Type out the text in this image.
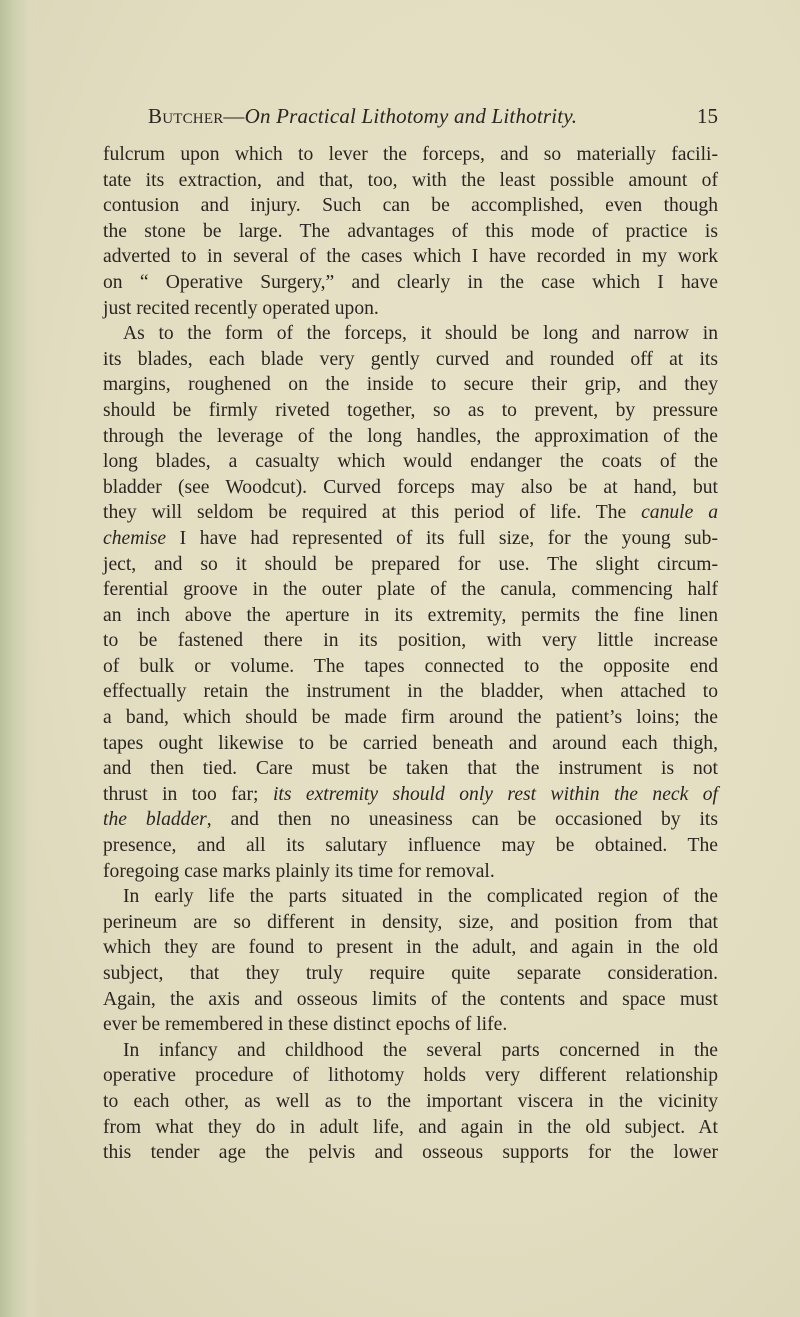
Butcher—On Practical Lithotomy and Lithotrity.	15
fulcrum upon which to lever the forceps, and so materially facili-
tate its extraction, and that, too, with the least possible amount of
contusion and injury. Such can be accomplished, even though
the stone be large. The advantages of this mode of practice is
adverted to in several of the cases which I have recorded in my work
on “ Operative Surgery,” and clearly in the case which I have
just recited recently operated upon.
As to the form of the forceps, it should be long and narrow in
its blades, each blade very gently curved and rounded off at its
margins, roughened on the inside to secure their grip, and they
should be firmly riveted together, so as to prevent, by pressure
through the leverage of the long handles, the approximation of the
long blades, a casualty which would endanger the coats of the
bladder (see Woodcut). Curved forceps may also be at hand, but
they will seldom be required at this period of life. The canule a
chemise I have had represented of its full size, for the young sub-
ject, and so it should be prepared for use. The slight circum-
ferential groove in the outer plate of the canula, commencing half
an inch above the aperture in its extremity, permits the fine linen
to be fastened there in its position, with very little increase
of bulk or volume. The tapes connected to the opposite end
effectually retain the instrument in the bladder, when attached to
a band, which should be made firm around the patient’s loins; the
tapes ought likewise to be carried beneath and around each thigh,
and then tied. Care must be taken that the instrument is not
thrust in too far; its extremity should only rest within the neck of
the bladder, and then no uneasiness can be occasioned by its
presence, and all its salutary influence may be obtained. The
foregoing case marks plainly its time for removal.
In early life the parts situated in the complicated region of the
perineum are so different in density, size, and position from that
which they are found to present in the adult, and again in the old
subject, that they truly require quite separate consideration.
Again, the axis and osseous limits of the contents and space must
ever be remembered in these distinct epochs of life.
In infancy and childhood the several parts concerned in the
operative procedure of lithotomy holds very different relationship
to each other, as well as to the important viscera in the vicinity
from what they do in adult life, and again in the old subject. At
this tender age the pelvis and osseous supports for the lower
